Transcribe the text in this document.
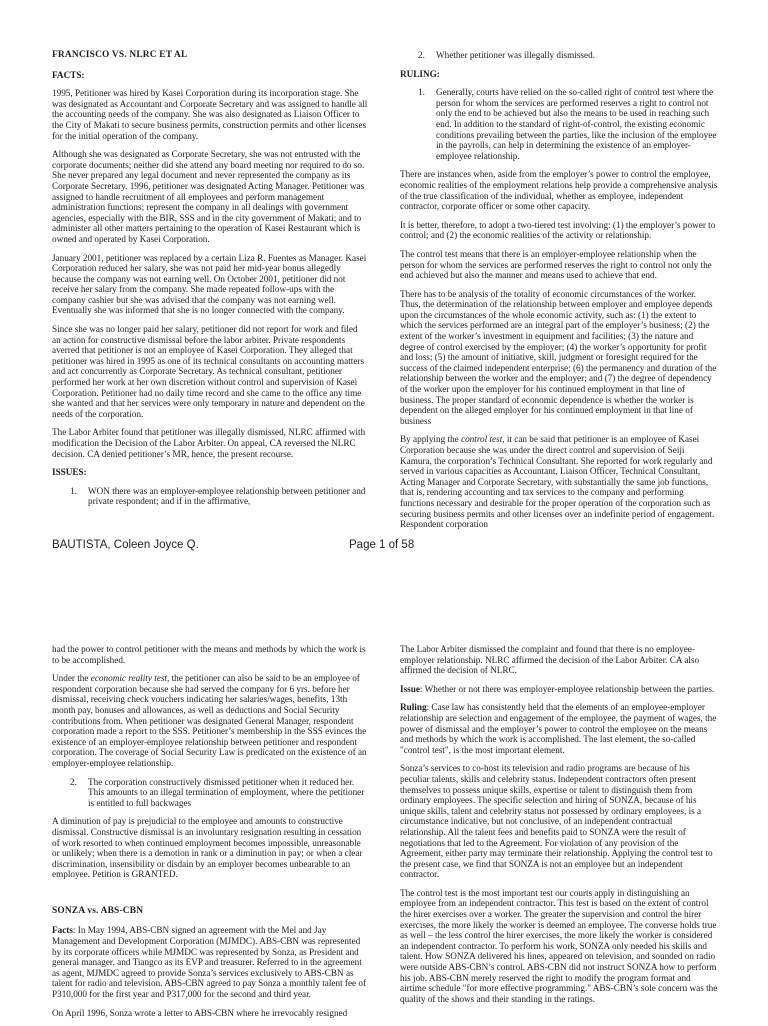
FRANCISCO VS. NLRC ET AL

FACTS:

1995, Petitioner was hired by Kasei Corporation during its incorporation stage. She was designated as Accountant and Corporate Secretary and was assigned to handle all the accounting needs of the company. She was also designated as Liaison Officer to the City of Makati to secure business permits, construction permits and other licenses for the initial operation of the company.

Although she was designated as Corporate Secretary, she was not entrusted with the corporate documents; neither did she attend any board meeting nor required to do so. She never prepared any legal document and never represented the company as its Corporate Secretary. 1996, petitioner was designated Acting Manager. Petitioner was assigned to handle recruitment of all employees and perform management administration functions; represent the company in all dealings with government agencies, especially with the BIR, SSS and in the city government of Makati; and to administer all other matters pertaining to the operation of Kasei Restaurant which is owned and operated by Kasei Corporation.

January 2001, petitioner was replaced by a certain Liza R. Fuentes as Manager. Kasei Corporation reduced her salary, she was not paid her mid-year bonus allegedly because the company was not earning well. On October 2001, petitioner did not receive her salary from the company. She made repeated follow-ups with the company cashier but she was advised that the company was not earning well. Eventually she was informed that she is no longer connected with the company.

Since she was no longer paid her salary, petitioner did not report for work and filed an action for constructive dismissal before the labor arbiter. Private respondents averred that petitioner is not an employee of Kasei Corporation. They alleged that petitioner was hired in 1995 as one of its technical consultants on accounting matters and act concurrently as Corporate Secretary. As technical consultant, petitioner performed her work at her own discretion without control and supervision of Kasei Corporation. Petitioner had no daily time record and she came to the office any time she wanted and that her services were only temporary in nature and dependent on the needs of the corporation.

The Labor Arbiter found that petitioner was illegally dismissed, NLRC affirmed with modification the Decision of the Labor Arbiter. On appeal, CA reversed the NLRC decision. CA denied petitioner’s MR, hence, the present recourse.

ISSUES:

1. WON there was an employer-employee relationship between petitioner and private respondent; and if in the affirmative,
2. Whether petitioner was illegally dismissed.

RULING:

1. Generally, courts have relied on the so-called right of control test where the person for whom the services are performed reserves a right to control not only the end to be achieved but also the means to be used in reaching such end. In addition to the standard of right-of-control, the existing economic conditions prevailing between the parties, like the inclusion of the employee in the payrolls, can help in determining the existence of an employer-employee relationship.

There are instances when, aside from the employer’s power to control the employee, economic realities of the employment relations help provide a comprehensive analysis of the true classification of the individual, whether as employee, independent contractor, corporate officer or some other capacity.

It is better, therefore, to adopt a two-tiered test involving: (1) the employer’s power to control; and (2) the economic realities of the activity or relationship.

The control test means that there is an employer-employee relationship when the person for whom the services are performed reserves the right to control not only the end achieved but also the manner and means used to achieve that end.

There has to be analysis of the totality of economic circumstances of the worker. Thus, the determination of the relationship between employer and employee depends upon the circumstances of the whole economic activity, such as: (1) the extent to which the services performed are an integral part of the employer’s business; (2) the extent of the worker’s investment in equipment and facilities; (3) the nature and degree of control exercised by the employer; (4) the worker’s opportunity for profit and loss; (5) the amount of initiative, skill, judgment or foresight required for the success of the claimed independent enterprise; (6) the permanency and duration of the relationship between the worker and the employer; and (7) the degree of dependency of the worker upon the employer for his continued employment in that line of business. The proper standard of economic dependence is whether the worker is dependent on the alleged employer for his continued employment in that line of business

By applying the control test, it can be said that petitioner is an employee of Kasei Corporation because she was under the direct control and supervision of Seiji Kamura, the corporation’s Technical Consultant. She reported for work regularly and served in various capacities as Accountant, Liaison Officer, Technical Consultant, Acting Manager and Corporate Secretary, with substantially the same job functions, that is, rendering accounting and tax services to the company and performing functions necessary and desirable for the proper operation of the corporation such as securing business permits and other licenses over an indefinite period of engagement. Respondent corporation

BAUTISTA, Coleen Joyce Q.	Page 1 of 58

had the power to control petitioner with the means and methods by which the work is to be accomplished.

Under the economic reality test, the petitioner can also be said to be an employee of respondent corporation because she had served the company for 6 yrs. before her dismissal, receiving check vouchers indicating her salaries/wages, benefits, 13th month pay, bonuses and allowances, as well as deductions and Social Security contributions from. When petitioner was designated General Manager, respondent corporation made a report to the SSS. Petitioner’s membership in the SSS evinces the existence of an employer-employee relationship between petitioner and respondent corporation. The coverage of Social Security Law is predicated on the existence of an employer-employee relationship.

2. The corporation constructively dismissed petitioner when it reduced her. This amounts to an illegal termination of employment, where the petitioner is entitled to full backwages

A diminution of pay is prejudicial to the employee and amounts to constructive dismissal. Constructive dismissal is an involuntary resignation resulting in cessation of work resorted to when continued employment becomes impossible, unreasonable or unlikely; when there is a demotion in rank or a diminution in pay; or when a clear discrimination, insensibility or disdain by an employer becomes unbearable to an employee. Petition is GRANTED.

SONZA vs. ABS-CBN

Facts: In May 1994, ABS-CBN signed an agreement with the Mel and Jay Management and Development Corporation (MJMDC). ABS-CBN was represented by its corporate officers while MJMDC was represented by Sonza, as President and general manager, and Tiangco as its EVP and treasurer. Referred to in the agreement as agent, MJMDC agreed to provide Sonza’s services exclusively to ABS-CBN as talent for radio and television. ABS-CBN agreed to pay Sonza a monthly talent fee of P310,000 for the first year and P317,000 for the second and third year.

On April 1996, Sonza wrote a letter to ABS-CBN where he irrevocably resigned

The Labor Arbiter dismissed the complaint and found that there is no employee-employer relationship. NLRC affirmed the decision of the Labor Arbiter. CA also affirmed the decision of NLRC.

Issue: Whether or not there was employer-employee relationship between the parties.

Ruling: Case law has consistently held that the elements of an employee-employer relationship are selection and engagement of the employee, the payment of wages, the power of dismissal and the employer’s power to control the employee on the means and methods by which the work is accomplished. The last element, the so-called "control test", is the most important element.

Sonza’s services to co-host its television and radio programs are because of his peculiar talents, skills and celebrity status. Independent contractors often present themselves to possess unique skills, expertise or talent to distinguish them from ordinary employees. The specific selection and hiring of SONZA, because of his unique skills, talent and celebrity status not possessed by ordinary employees, is a circumstance indicative, but not conclusive, of an independent contractual relationship. All the talent fees and benefits paid to SONZA were the result of negotiations that led to the Agreement. For violation of any provision of the Agreement, either party may terminate their relationship. Applying the control test to the present case, we find that SONZA is not an employee but an independent contractor.

The control test is the most important test our courts apply in distinguishing an employee from an independent contractor. This test is based on the extent of control the hirer exercises over a worker. The greater the supervision and control the hirer exercises, the more likely the worker is deemed an employee. The converse holds true as well – the less control the hirer exercises, the more likely the worker is considered an independent contractor. To perform his work, SONZA only needed his skills and talent. How SONZA delivered his lines, appeared on television, and sounded on radio were outside ABS-CBN’s control. ABS-CBN did not instruct SONZA how to perform his job. ABS-CBN merely reserved the right to modify the program format and airtime schedule "for more effective programming." ABS-CBN’s sole concern was the quality of the shows and their standing in the ratings.
